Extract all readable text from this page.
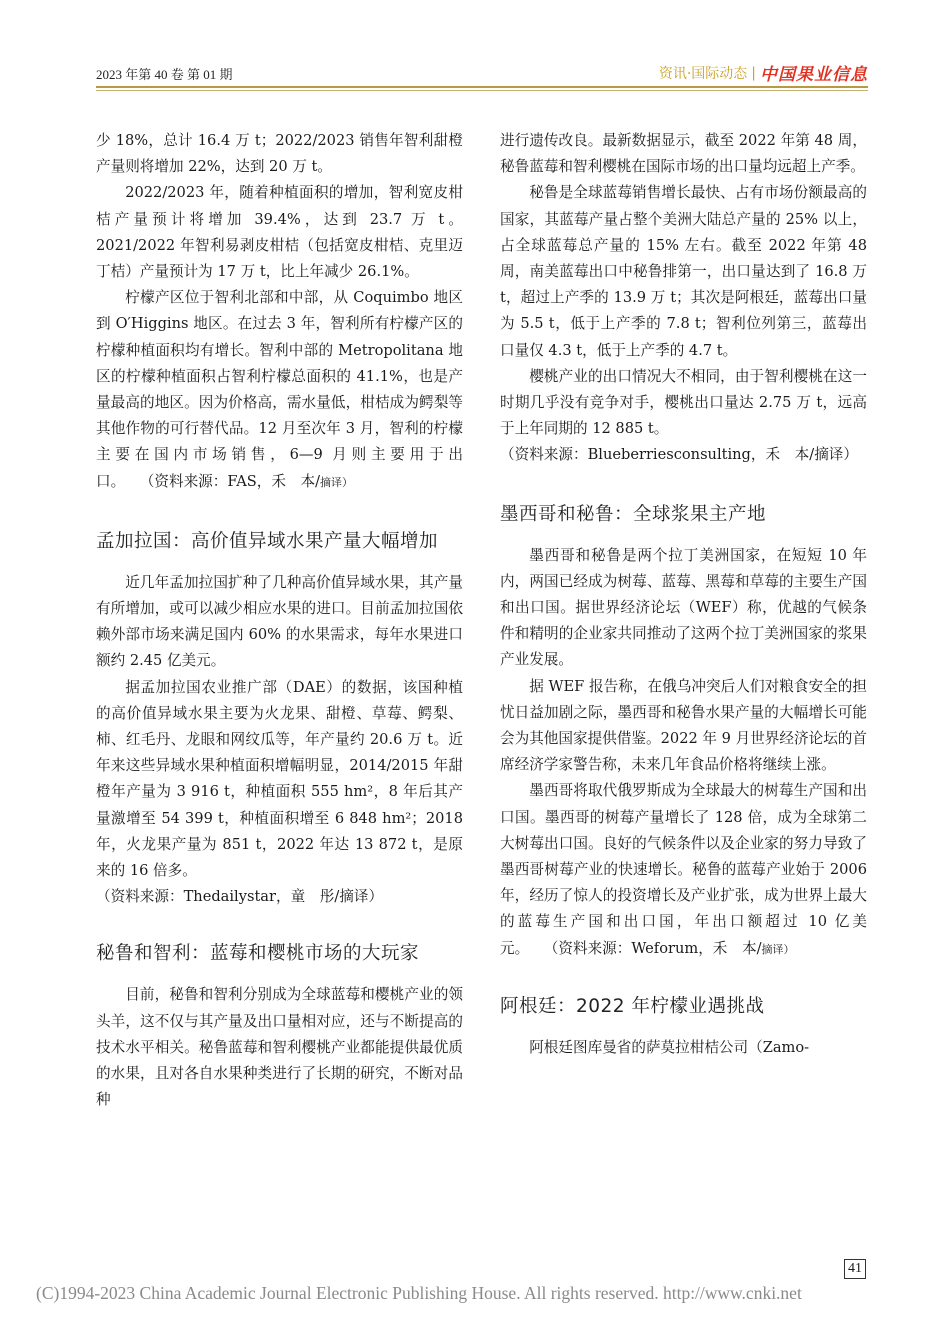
2023 年第 40 卷 第 01 期	资讯·国际动态 | 中国果业信息

少 18%，总计 16.4 万 t；2022/2023 销售年智利甜橙产量则将增加 22%，达到 20 万 t。

2022/2023 年，随着种植面积的增加，智利宽皮柑桔产量预计将增加 39.4%，达到 23.7 万 t。2021/2022 年智利易剥皮柑桔（包括宽皮柑桔、克里迈丁桔）产量预计为 17 万 t，比上年减少 26.1%。

柠檬产区位于智利北部和中部，从 Coquimbo 地区到 O′Higgins 地区。在过去 3 年，智利所有柠檬产区的柠檬种植面积均有增长。智利中部的 Metropolitana 地区的柠檬种植面积占智利柠檬总面积的 41.1%，也是产量最高的地区。因为价格高，需水量低，柑桔成为鳄梨等其他作物的可行替代品。12 月至次年 3 月，智利的柠檬主要在国内市场销售，6—9 月则主要用于出口。　　 （资料来源：FAS，禾　本/摘译）

孟加拉国：高价值异域水果产量大幅增加

近几年孟加拉国扩种了几种高价值异域水果，其产量有所增加，或可以减少相应水果的进口。目前孟加拉国依赖外部市场来满足国内 60% 的水果需求，每年水果进口额约 2.45 亿美元。

据孟加拉国农业推广部（DAE）的数据，该国种植的高价值异域水果主要为火龙果、甜橙、草莓、鳄梨、柿、红毛丹、龙眼和网纹瓜等，年产量约 20.6 万 t。近年来这些异域水果种植面积增幅明显，2014/2015 年甜橙年产量为 3 916 t，种植面积 555 hm²，8 年后其产量激增至 54 399 t，种植面积增至 6 848 hm²；2018 年，火龙果产量为 851 t，2022 年达 13 872 t，是原来的 16 倍多。

（资料来源：Thedailystar，童　彤/摘译）

秘鲁和智利：蓝莓和樱桃市场的大玩家

目前，秘鲁和智利分别成为全球蓝莓和樱桃产业的领头羊，这不仅与其产量及出口量相对应，还与不断提高的技术水平相关。秘鲁蓝莓和智利樱桃产业都能提供最优质的水果，且对各自水果种类进行了长期的研究，不断对品种

进行遗传改良。最新数据显示，截至 2022 年第 48 周，秘鲁蓝莓和智利樱桃在国际市场的出口量均远超上产季。

秘鲁是全球蓝莓销售增长最快、占有市场份额最高的国家，其蓝莓产量占整个美洲大陆总产量的 25% 以上，占全球蓝莓总产量的 15% 左右。截至 2022 年第 48 周，南美蓝莓出口中秘鲁排第一，出口量达到了 16.8 万 t，超过上产季的 13.9 万 t；其次是阿根廷，蓝莓出口量为 5.5 t，低于上产季的 7.8 t；智利位列第三，蓝莓出口量仅 4.3 t，低于上产季的 4.7 t。

樱桃产业的出口情况大不相同，由于智利樱桃在这一时期几乎没有竞争对手，樱桃出口量达 2.75 万 t，远高于上年同期的 12 885 t。

（资料来源：Blueberriesconsulting，禾　本/摘译）

墨西哥和秘鲁：全球浆果主产地

墨西哥和秘鲁是两个拉丁美洲国家，在短短 10 年内，两国已经成为树莓、蓝莓、黑莓和草莓的主要生产国和出口国。据世界经济论坛（WEF）称，优越的气候条件和精明的企业家共同推动了这两个拉丁美洲国家的浆果产业发展。

据 WEF 报告称，在俄乌冲突后人们对粮食安全的担忧日益加剧之际，墨西哥和秘鲁水果产量的大幅增长可能会为其他国家提供借鉴。2022 年 9 月世界经济论坛的首席经济学家警告称，未来几年食品价格将继续上涨。

墨西哥将取代俄罗斯成为全球最大的树莓生产国和出口国。墨西哥的树莓产量增长了 128 倍，成为全球第二大树莓出口国。良好的气候条件以及企业家的努力导致了墨西哥树莓产业的快速增长。秘鲁的蓝莓产业始于 2006 年，经历了惊人的投资增长及产业扩张，成为世界上最大的蓝莓生产国和出口国，年出口额超过 10 亿美元。　　 （资料来源：Weforum，禾　本/摘译）

阿根廷：2022 年柠檬业遇挑战

阿根廷图库曼省的萨莫拉柑桔公司（Zamo-

41
(C)1994-2023 China Academic Journal Electronic Publishing House. All rights reserved. http://www.cnki.net
